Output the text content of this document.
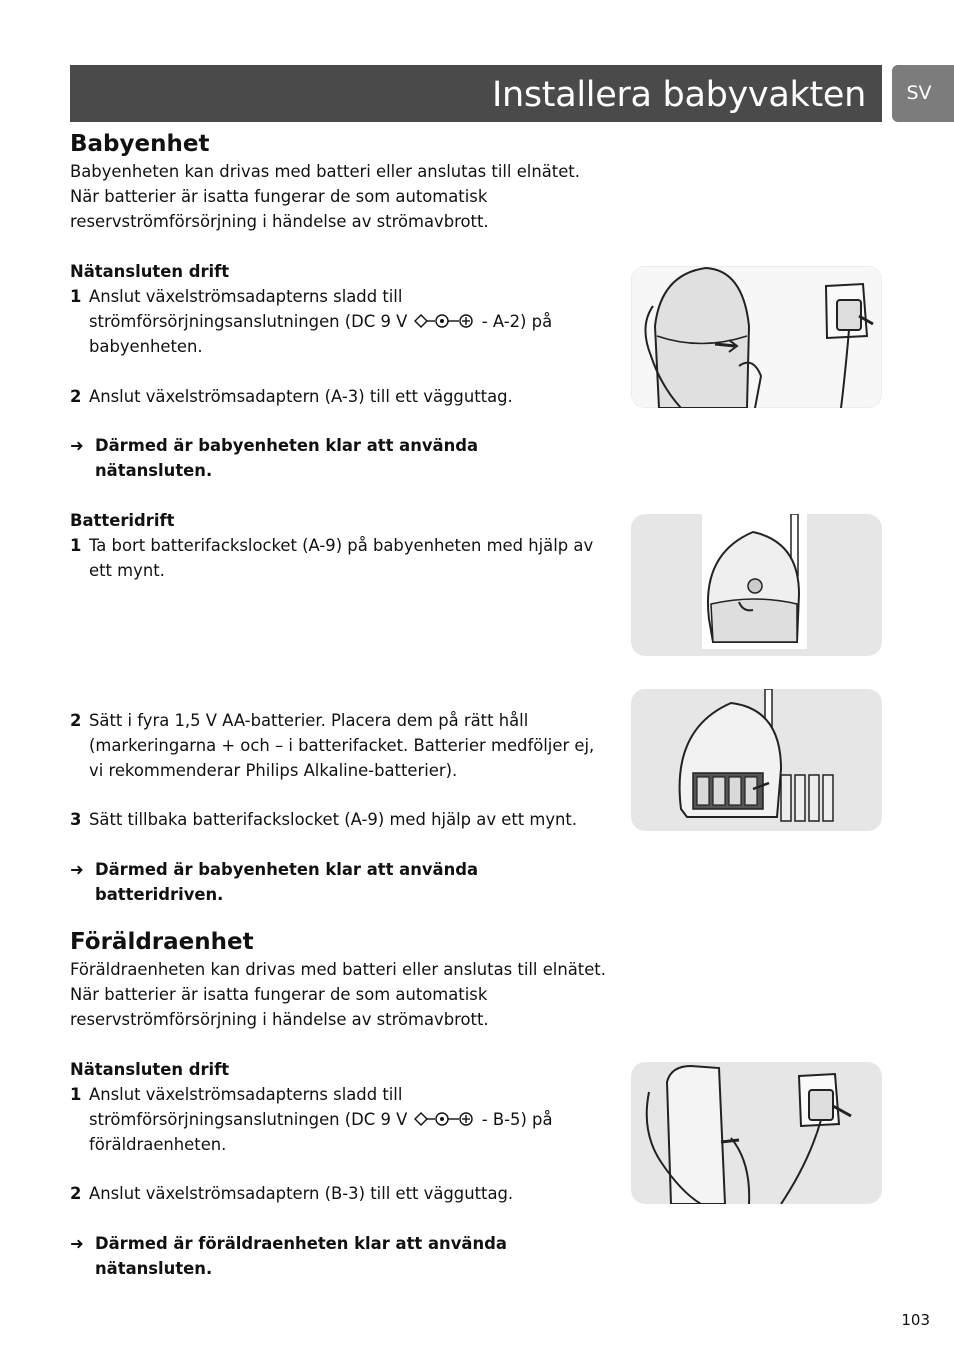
Installera babyvakten	SV
Babyenhet
Babyenheten kan drivas med batteri eller anslutas till elnätet.
När batterier är isatta fungerar de som automatisk
reservströmförsörjning i händelse av strömavbrott.
Nätansluten drift
1 Anslut växelströmsadapterns sladd till
strömförsörjningsanslutningen (DC 9 V	- A-2) på
babyenheten.
2 Anslut växelströmsadaptern (A-3) till ett vägguttag.
➜ Därmed är babyenheten klar att använda
nätansluten.
Batteridrift
1 Ta bort batterifackslocket (A-9) på babyenheten med hjälp av
ett mynt.
2 Sätt i fyra 1,5 V AA-batterier. Placera dem på rätt håll
(markeringarna + och – i batterifacket. Batterier medföljer ej,
vi rekommenderar Philips Alkaline-batterier).
3 Sätt tillbaka batterifackslocket (A-9) med hjälp av ett mynt.
➜ Därmed är babyenheten klar att använda
batteridriven.
Föräldraenhet
Föräldraenheten kan drivas med batteri eller anslutas till elnätet.
När batterier är isatta fungerar de som automatisk
reservströmförsörjning i händelse av strömavbrott.
Nätansluten drift
1 Anslut växelströmsadapterns sladd till
strömförsörjningsanslutningen (DC 9 V	- B-5) på
föräldraenheten.
2 Anslut växelströmsadaptern (B-3) till ett vägguttag.
➜ Därmed är föräldraenheten klar att använda
nätansluten.
103
